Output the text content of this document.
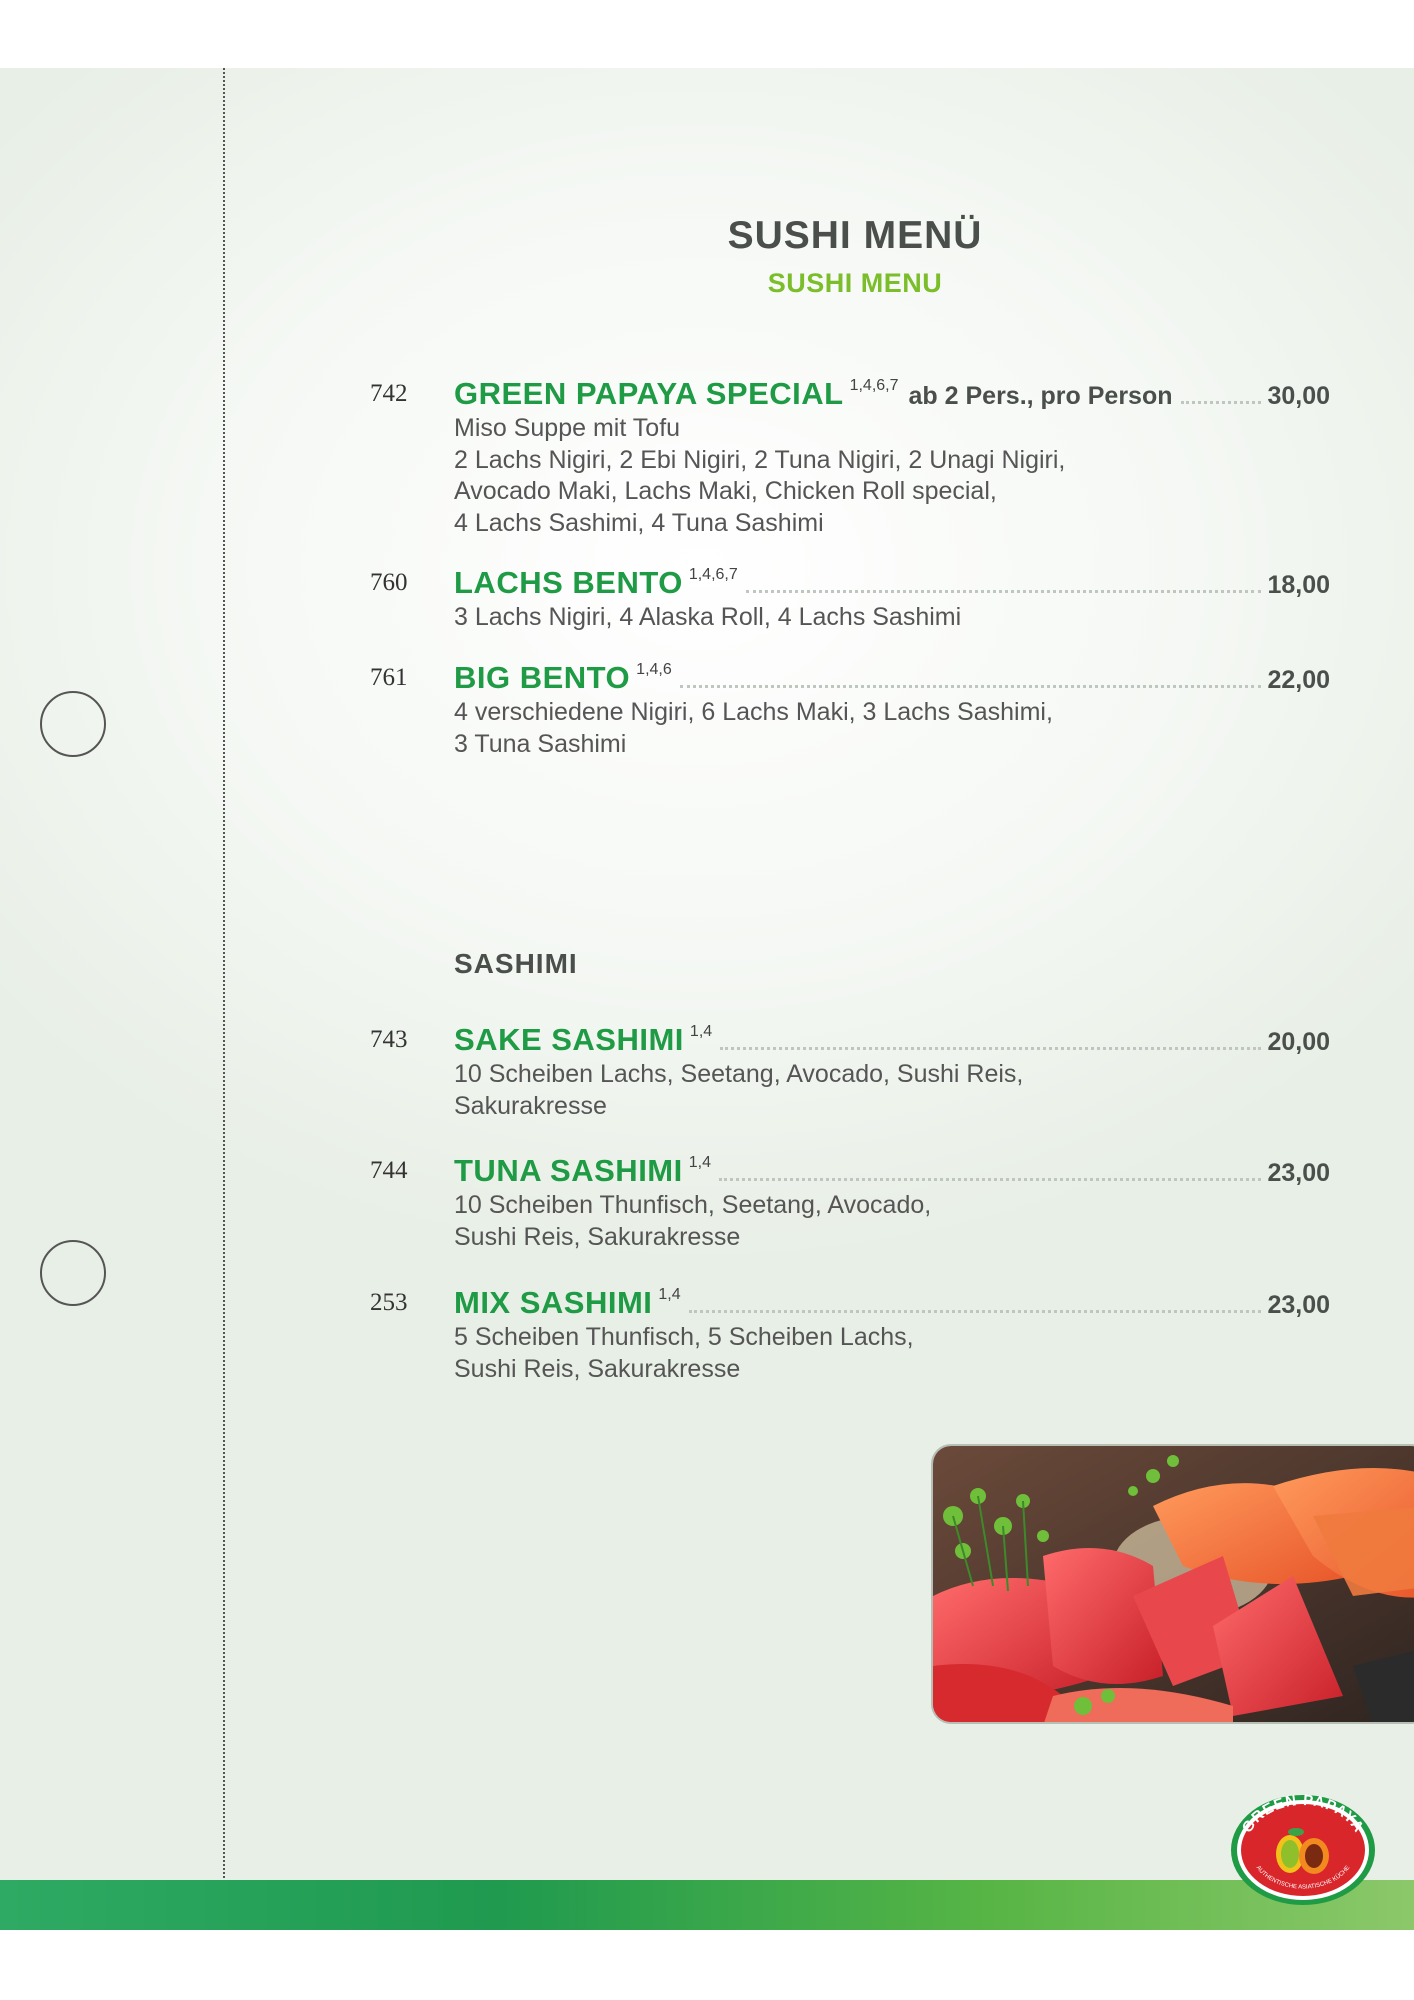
SUSHI MENÜ
SUSHI MENU
742 GREEN PAPAYA SPECIAL 1,4,6,7 ab 2 Pers., pro Person	30,00
Miso Suppe mit Tofu
2 Lachs Nigiri, 2 Ebi Nigiri, 2 Tuna Nigiri, 2 Unagi Nigiri,
Avocado Maki, Lachs Maki, Chicken Roll special,
4 Lachs Sashimi, 4 Tuna Sashimi
760 LACHS BENTO 1,4,6,7	18,00
3 Lachs Nigiri, 4 Alaska Roll, 4 Lachs Sashimi
761 BIG BENTO 1,4,6	22,00
4 verschiedene Nigiri, 6 Lachs Maki, 3 Lachs Sashimi,
3 Tuna Sashimi
SASHIMI
743 SAKE SASHIMI 1,4	20,00
10 Scheiben Lachs, Seetang, Avocado, Sushi Reis,
Sakurakresse
744 TUNA SASHIMI 1,4	23,00
10 Scheiben Thunfisch, Seetang, Avocado,
Sushi Reis, Sakurakresse
253 MIX SASHIMI 1,4	23,00
5 Scheiben Thunfisch, 5 Scheiben Lachs,
Sushi Reis, Sakurakresse
GREEN PAPAYA
AUTHENTISCHE ASIATISCHE KÜCHE
